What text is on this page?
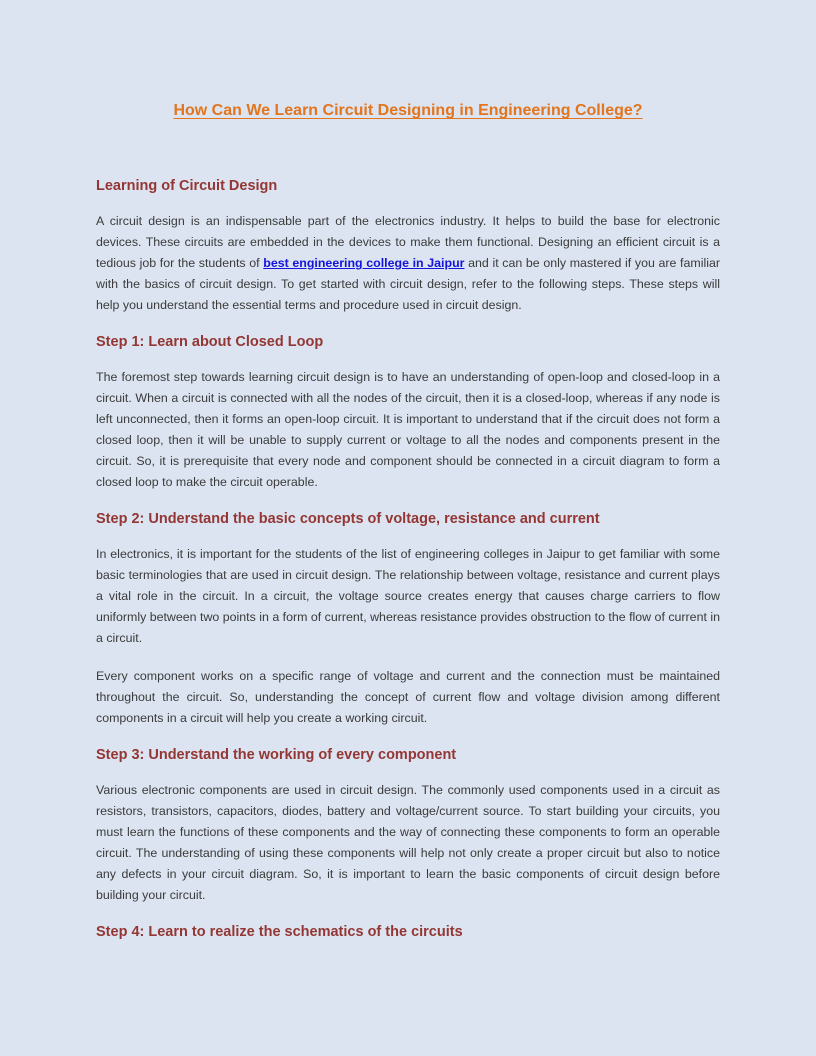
How Can We Learn Circuit Designing in Engineering College?
Learning of Circuit Design

A circuit design is an indispensable part of the electronics industry. It helps to build the base for electronic devices. These circuits are embedded in the devices to make them functional. Designing an efficient circuit is a tedious job for the students of best engineering college in Jaipur and it can be only mastered if you are familiar with the basics of circuit design. To get started with circuit design, refer to the following steps. These steps will help you understand the essential terms and procedure used in circuit design.

Step 1: Learn about Closed Loop

The foremost step towards learning circuit design is to have an understanding of open-loop and closed-loop in a circuit. When a circuit is connected with all the nodes of the circuit, then it is a closed-loop, whereas if any node is left unconnected, then it forms an open-loop circuit. It is important to understand that if the circuit does not form a closed loop, then it will be unable to supply current or voltage to all the nodes and components present in the circuit. So, it is prerequisite that every node and component should be connected in a circuit diagram to form a closed loop to make the circuit operable.

Step 2: Understand the basic concepts of voltage, resistance and current

In electronics, it is important for the students of the list of engineering colleges in Jaipur to get familiar with some basic terminologies that are used in circuit design. The relationship between voltage, resistance and current plays a vital role in the circuit. In a circuit, the voltage source creates energy that causes charge carriers to flow uniformly between two points in a form of current, whereas resistance provides obstruction to the flow of current in a circuit.

Every component works on a specific range of voltage and current and the connection must be maintained throughout the circuit. So, understanding the concept of current flow and voltage division among different components in a circuit will help you create a working circuit.

Step 3: Understand the working of every component

Various electronic components are used in circuit design. The commonly used components used in a circuit as resistors, transistors, capacitors, diodes, battery and voltage/current source. To start building your circuits, you must learn the functions of these components and the way of connecting these components to form an operable circuit. The understanding of using these components will help not only create a proper circuit but also to notice any defects in your circuit diagram. So, it is important to learn the basic components of circuit design before building your circuit.

Step 4: Learn to realize the schematics of the circuits
